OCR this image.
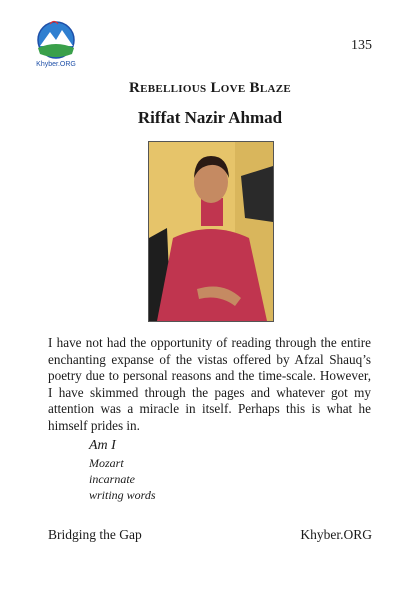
Khyber.ORG
135
Rebellious Love Blaze
Riffat Nazir Ahmad

I have not had the opportunity of reading through the entire enchanting expanse of the vistas offered by Afzal Shauq’s poetry due to personal reasons and the time-scale. However, I have skimmed through the pages and whatever got my attention was a miracle in itself. Perhaps this is what he himself prides in.

Am I
Mozart
incarnate
writing words
Bridging the Gap	Khyber.ORG
